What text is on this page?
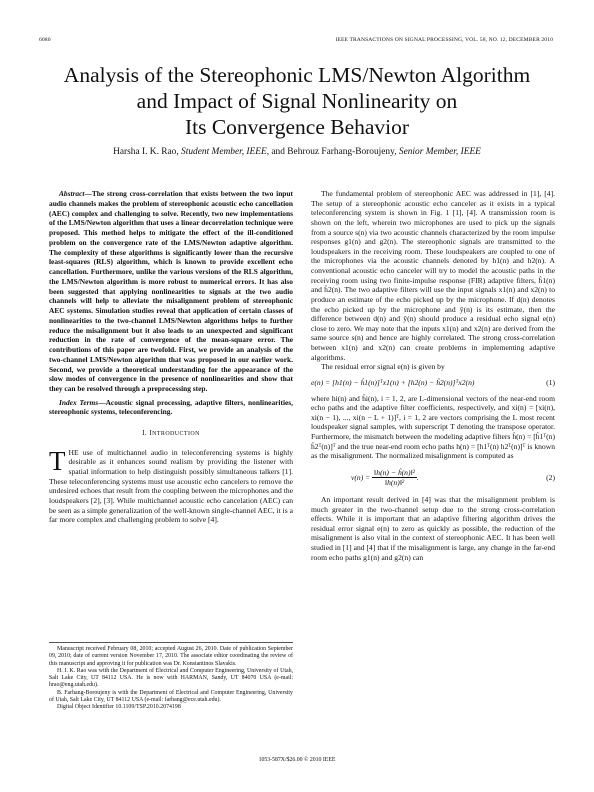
6080	IEEE TRANSACTIONS ON SIGNAL PROCESSING, VOL. 58, NO. 12, DECEMBER 2010
Analysis of the Stereophonic LMS/Newton Algorithm
and Impact of Signal Nonlinearity on
Its Convergence Behavior
Harsha I. K. Rao, Student Member, IEEE, and Behrouz Farhang-Boroujeny, Senior Member, IEEE

Abstract—The strong cross-correlation that exists between the two input audio channels makes the problem of stereophonic acoustic echo cancellation (AEC) complex and challenging to solve. Recently, two new implementations of the LMS/Newton algorithm that uses a linear decorrelation technique were proposed. This method helps to mitigate the effect of the ill-conditioned problem on the convergence rate of the LMS/Newton adaptive algorithm. The complexity of these algorithms is significantly lower than the recursive least-squares (RLS) algorithm, which is known to provide excellent echo cancellation. Furthermore, unlike the various versions of the RLS algorithm, the LMS/Newton algorithm is more robust to numerical errors. It has also been suggested that applying nonlinearities to signals at the two audio channels will help to alleviate the misalignment problem of stereophonic AEC systems. Simulation studies reveal that application of certain classes of nonlinearities to the two-channel LMS/Newton algorithms helps to further reduce the misalignment but it also leads to an unexpected and significant reduction in the rate of convergence of the mean-square error. The contributions of this paper are twofold. First, we provide an analysis of the two-channel LMS/Newton algorithm that was proposed in our earlier work. Second, we provide a theoretical understanding for the appearance of the slow modes of convergence in the presence of nonlinearities and show that they can be resolved through a preprocessing step.

Index Terms—Acoustic signal processing, adaptive filters, nonlinearities, stereophonic systems, teleconferencing.

I. INTRODUCTION

THE use of multichannel audio in teleconferencing systems is highly desirable as it enhances sound realism by providing the listener with spatial information to help distinguish possibly simultaneous talkers [1]. These teleconferencing systems must use acoustic echo cancelers to remove the undesired echoes that result from the coupling between the microphones and the loudspeakers [2], [3]. While multichannel acoustic echo cancelation (AEC) can be seen as a simple generalization of the well-known single-channel AEC, it is a far more complex and challenging problem to solve [4].

Manuscript received February 08, 2010; accepted August 26, 2010. Date of publication September 09, 2010; date of current version November 17, 2010. The associate editor coordinating the review of this manuscript and approving it for publication was Dr. Konstantinos Slavakis.

H. I. K. Rao was with the Department of Electrical and Computer Engineering, University of Utah, Salt Lake City, UT 84112 USA. He is now with HARMAN, Sandy, UT 84070 USA (e-mail: hrao@eng.utah.edu).

B. Farhang-Boroujeny is with the Department of Electrical and Computer Engineering, University of Utah, Salt Lake City, UT 84112 USA (e-mail: farhang@ece.utah.edu).

Digital Object Identifier 10.1109/TSP.2010.2074198

The fundamental problem of stereophonic AEC was addressed in [1], [4]. The setup of a stereophonic acoustic echo canceler as it exists in a typical teleconferencing system is shown in Fig. 1 [1], [4]. A transmission room is shown on the left, wherein two microphones are used to pick up the signals from a source s(n) via two acoustic channels characterized by the room impulse responses g1(n) and g2(n). The stereophonic signals are transmitted to the loudspeakers in the receiving room. These loudspeakers are coupled to one of the microphones via the acoustic channels denoted by h1(n) and h2(n). A conventional acoustic echo canceler will try to model the acoustic paths in the receiving room using two finite-impulse response (FIR) adaptive filters, ĥ1(n) and ĥ2(n). The two adaptive filters will use the input signals x1(n) and x2(n) to produce an estimate of the echo picked up by the microphone. If d(n) denotes the echo picked up by the microphone and ŷ(n) is its estimate, then the difference between d(n) and ŷ(n) should produce a residual echo signal e(n) close to zero. We may note that the inputs x1(n) and x2(n) are derived from the same source s(n) and hence are highly correlated. The strong cross-correlation between x1(n) and x2(n) can create problems in implementing adaptive algorithms.

The residual error signal e(n) is given by

e(n) = [h1(n) − ĥ1(n)]ᵀx1(n) + [h2(n) − ĥ2(n)]ᵀx2(n)	(1)

where hi(n) and ĥi(n), i = 1, 2, are L-dimensional vectors of the near-end room echo paths and the adaptive filter coefficients, respectively, and xi(n) = [xi(n), xi(n − 1), ..., xi(n − L + 1)]ᵀ, i = 1, 2 are vectors comprising the L most recent loudspeaker signal samples, with superscript T denoting the transpose operator. Furthermore, the mismatch between the modeling adaptive filters ĥ(n) = [ĥ1ᵀ(n) ĥ2ᵀ(n)]ᵀ and the true near-end room echo paths h(n) = [h1ᵀ(n) h2ᵀ(n)]ᵀ is known as the misalignment. The normalized misalignment is computed as

$\nu(n) = \frac{\text{‖h(n) − ĥ(n)‖²}}{\text{‖h(n)‖²}}$ .	(2)

An important result derived in [4] was that the misalignment problem is much greater in the two-channel setup due to the strong cross-correlation effects. While it is important that an adaptive filtering algorithm drives the residual error signal e(n) to zero as quickly as possible, the reduction of the misalignment is also vital in the context of stereophonic AEC. It has been well studied in [1] and [4] that if the misalignment is large, any change in the far-end room echo paths g1(n) and g2(n) can

1053-587X/$26.00 © 2010 IEEE
